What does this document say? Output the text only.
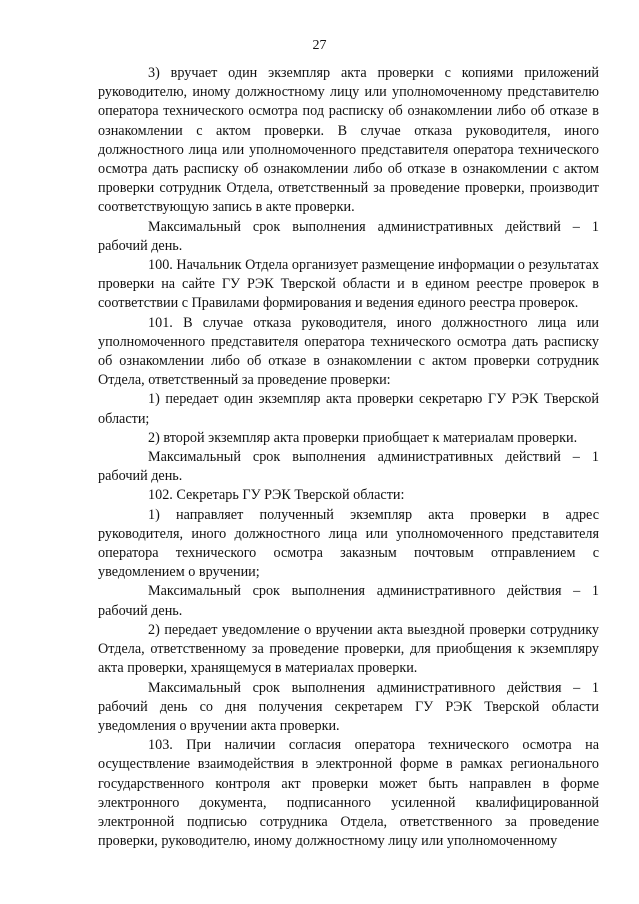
27

3) вручает один экземпляр акта проверки с копиями приложений руководителю, иному должностному лицу или уполномоченному представителю оператора технического осмотра под расписку об ознакомлении либо об отказе в ознакомлении с актом проверки. В случае отказа руководителя, иного должностного лица или уполномоченного представителя оператора технического осмотра дать расписку об ознакомлении либо об отказе в ознакомлении с актом проверки сотрудник Отдела, ответственный за проведение проверки, производит соответствующую запись в акте проверки.

Максимальный срок выполнения административных действий – 1 рабочий день.

100. Начальник Отдела организует размещение информации о результатах проверки на сайте ГУ РЭК Тверской области и в едином реестре проверок в соответствии с Правилами формирования и ведения единого реестра проверок.

101. В случае отказа руководителя, иного должностного лица или уполномоченного представителя оператора технического осмотра дать расписку об ознакомлении либо об отказе в ознакомлении с актом проверки сотрудник Отдела, ответственный за проведение проверки:

1) передает один экземпляр акта проверки секретарю ГУ РЭК Тверской области;

2) второй экземпляр акта проверки приобщает к материалам проверки.

Максимальный срок выполнения административных действий – 1 рабочий день.

102. Секретарь ГУ РЭК Тверской области:

1) направляет полученный экземпляр акта проверки в адрес руководителя, иного должностного лица или уполномоченного представителя оператора технического осмотра заказным почтовым отправлением с уведомлением о вручении;

Максимальный срок выполнения административного действия – 1 рабочий день.

2) передает уведомление о вручении акта выездной проверки сотруднику Отдела, ответственному за проведение проверки, для приобщения к экземпляру акта проверки, хранящемуся в материалах проверки.

Максимальный срок выполнения административного действия – 1 рабочий день со дня получения секретарем ГУ РЭК Тверской области уведомления о вручении акта проверки.

103. При наличии согласия оператора технического осмотра на осуществление взаимодействия в электронной форме в рамках регионального государственного контроля акт проверки может быть направлен в форме электронного документа, подписанного усиленной квалифицированной электронной подписью сотрудника Отдела, ответственного за проведение проверки, руководителю, иному должностному лицу или уполномоченному
